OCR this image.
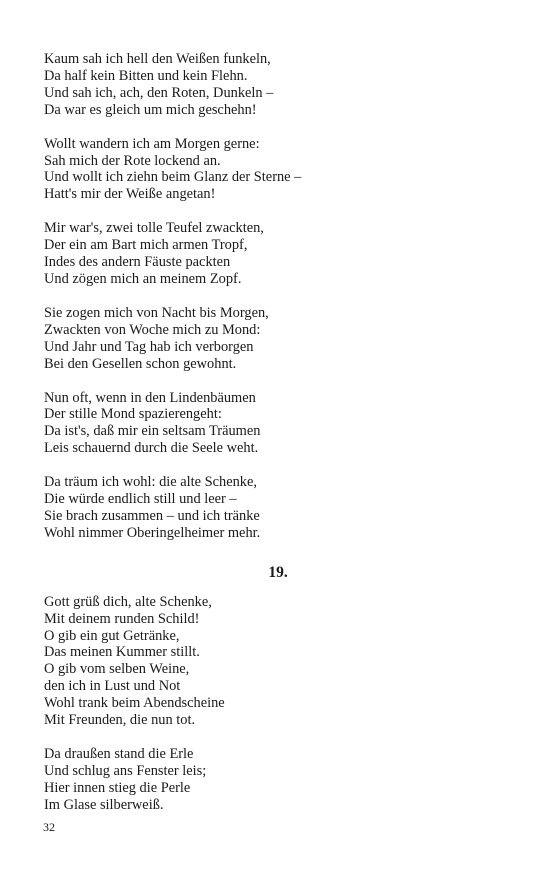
Kaum sah ich hell den Weißen funkeln,
Da half kein Bitten und kein Flehn.
Und sah ich, ach, den Roten, Dunkeln –
Da war es gleich um mich geschehn!
Wollt wandern ich am Morgen gerne:
Sah mich der Rote lockend an.
Und wollt ich ziehn beim Glanz der Sterne –
Hatt's mir der Weiße angetan!
Mir war's, zwei tolle Teufel zwackten,
Der ein am Bart mich armen Tropf,
Indes des andern Fäuste packten
Und zögen mich an meinem Zopf.
Sie zogen mich von Nacht bis Morgen,
Zwackten von Woche mich zu Mond:
Und Jahr und Tag hab ich verborgen
Bei den Gesellen schon gewohnt.
Nun oft, wenn in den Lindenbäumen
Der stille Mond spazierengeht:
Da ist's, daß mir ein seltsam Träumen
Leis schauernd durch die Seele weht.
Da träum ich wohl: die alte Schenke,
Die würde endlich still und leer –
Sie brach zusammen – und ich tränke
Wohl nimmer Oberingelheimer mehr.
19.
Gott grüß dich, alte Schenke,
Mit deinem runden Schild!
O gib ein gut Getränke,
Das meinen Kummer stillt.
O gib vom selben Weine,
den ich in Lust und Not
Wohl trank beim Abendscheine
Mit Freunden, die nun tot.
Da draußen stand die Erle
Und schlug ans Fenster leis;
Hier innen stieg die Perle
Im Glase silberweiß.
32
